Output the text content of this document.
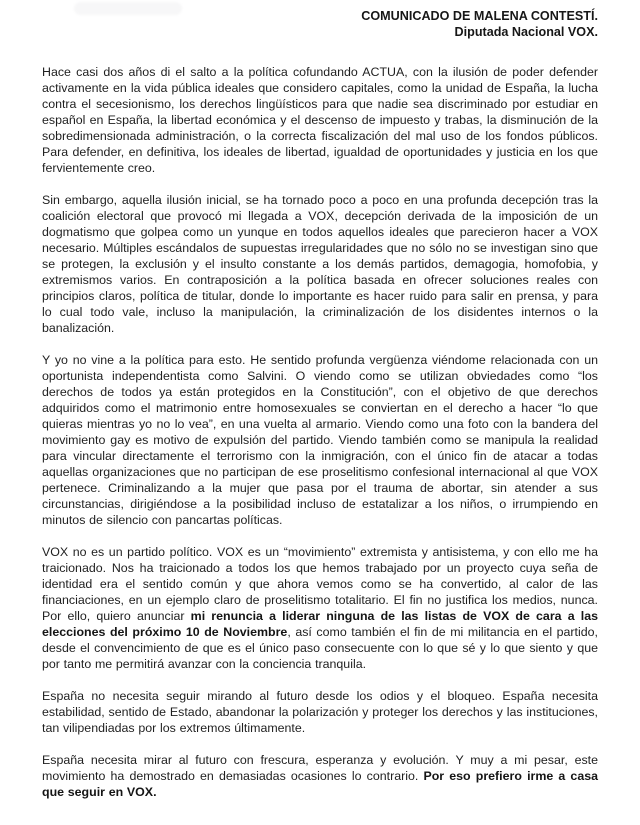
COMUNICADO DE MALENA CONTESTÍ.
Diputada Nacional VOX.

Hace casi dos años di el salto a la política cofundando ACTUA, con la ilusión de poder defender activamente en la vida pública ideales que considero capitales, como la unidad de España, la lucha contra el secesionismo, los derechos lingüísticos para que nadie sea discriminado por estudiar en español en España, la libertad económica y el descenso de impuesto y trabas, la disminución de la sobredimensionada administración, o la correcta fiscalización del mal uso de los fondos públicos. Para defender, en definitiva, los ideales de libertad, igualdad de oportunidades y justicia en los que fervientemente creo.

Sin embargo, aquella ilusión inicial, se ha tornado poco a poco en una profunda decepción tras la coalición electoral que provocó mi llegada a VOX, decepción derivada de la imposición de un dogmatismo que golpea como un yunque en todos aquellos ideales que parecieron hacer a VOX necesario. Múltiples escándalos de supuestas irregularidades que no sólo no se investigan sino que se protegen, la exclusión y el insulto constante a los demás partidos, demagogia, homofobia, y extremismos varios. En contraposición a la política basada en ofrecer soluciones reales con principios claros, política de titular, donde lo importante es hacer ruido para salir en prensa, y para lo cual todo vale, incluso la manipulación, la criminalización de los disidentes internos o la banalización.

Y yo no vine a la política para esto. He sentido profunda vergüenza viéndome relacionada con un oportunista independentista como Salvini. O viendo como se utilizan obviedades como “los derechos de todos ya están protegidos en la Constitución”, con el objetivo de que derechos adquiridos como el matrimonio entre homosexuales se conviertan en el derecho a hacer “lo que quieras mientras yo no lo vea”, en una vuelta al armario. Viendo como una foto con la bandera del movimiento gay es motivo de expulsión del partido. Viendo también como se manipula la realidad para vincular directamente el terrorismo con la inmigración, con el único fin de atacar a todas aquellas organizaciones que no participan de ese proselitismo confesional internacional al que VOX pertenece. Criminalizando a la mujer que pasa por el trauma de abortar, sin atender a sus circunstancias, dirigiéndose a la posibilidad incluso de estatalizar a los niños, o irrumpiendo en minutos de silencio con pancartas políticas.

VOX no es un partido político. VOX es un “movimiento” extremista y antisistema, y con ello me ha traicionado. Nos ha traicionado a todos los que hemos trabajado por un proyecto cuya seña de identidad era el sentido común y que ahora vemos como se ha convertido, al calor de las financiaciones, en un ejemplo claro de proselitismo totalitario. El fin no justifica los medios, nunca. Por ello, quiero anunciar mi renuncia a liderar ninguna de las listas de VOX de cara a las elecciones del próximo 10 de Noviembre, así como también el fin de mi militancia en el partido, desde el convencimiento de que es el único paso consecuente con lo que sé y lo que siento y que por tanto me permitirá avanzar con la conciencia tranquila.

España no necesita seguir mirando al futuro desde los odios y el bloqueo. España necesita estabilidad, sentido de Estado, abandonar la polarización y proteger los derechos y las instituciones, tan vilipendiadas por los extremos últimamente.

España necesita mirar al futuro con frescura, esperanza y evolución. Y muy a mi pesar, este movimiento ha demostrado en demasiadas ocasiones lo contrario. Por eso prefiero irme a casa que seguir en VOX.
